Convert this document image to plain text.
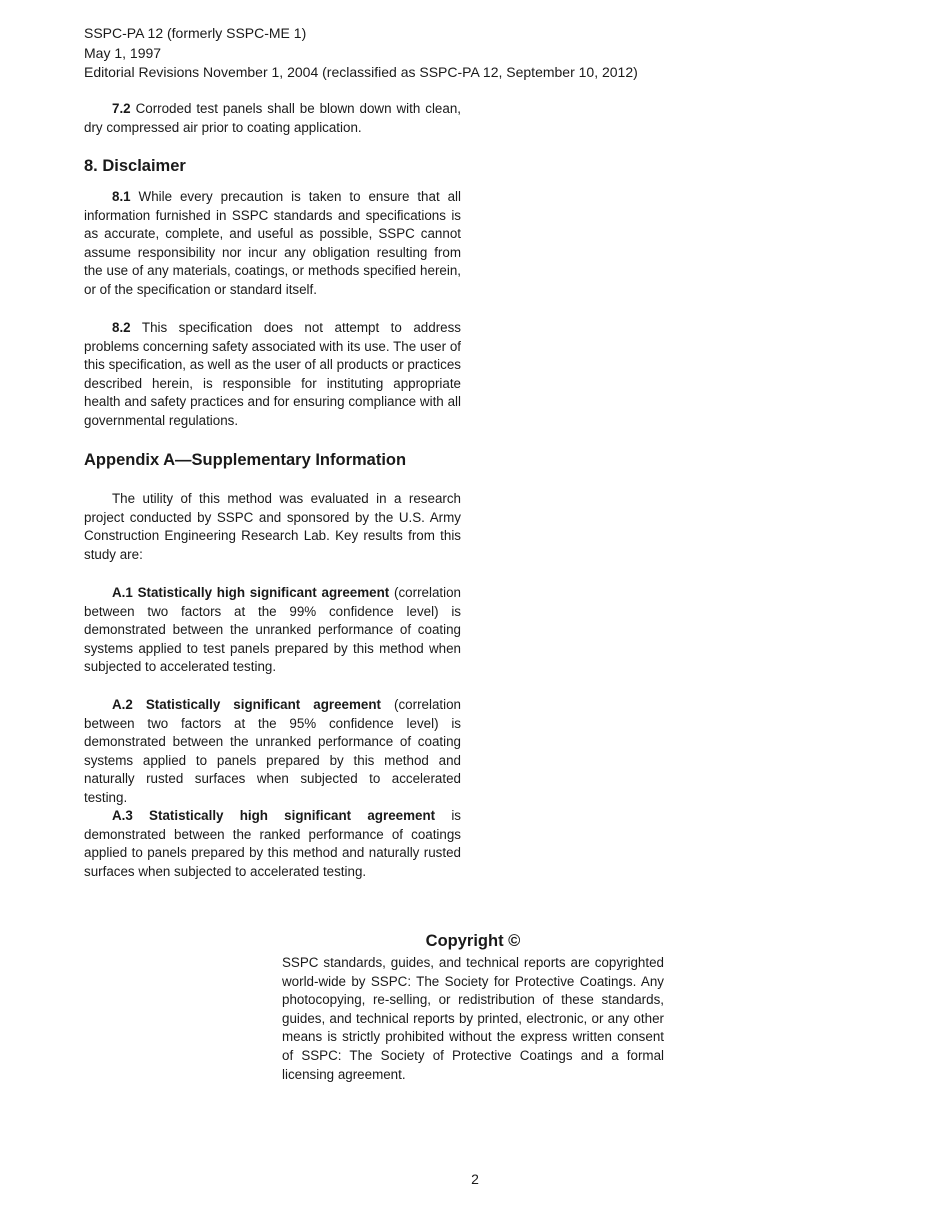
SSPC-PA 12 (formerly SSPC-ME 1)
May 1, 1997
Editorial Revisions November 1, 2004 (reclassified as SSPC-PA 12, September 10, 2012)

7.2 Corroded test panels shall be blown down with clean, dry compressed air prior to coating application.

8. Disclaimer

8.1 While every precaution is taken to ensure that all information furnished in SSPC standards and specifications is as accurate, complete, and useful as possible, SSPC cannot assume responsibility nor incur any obligation resulting from the use of any materials, coatings, or methods specified herein, or of the specification or standard itself.

8.2 This specification does not attempt to address problems concerning safety associated with its use. The user of this specification, as well as the user of all products or practices described herein, is responsible for instituting appropriate health and safety practices and for ensuring compliance with all governmental regulations.

Appendix A—Supplementary Information

The utility of this method was evaluated in a research project conducted by SSPC and sponsored by the U.S. Army Construction Engineering Research Lab. Key results from this study are:

A.1 Statistically high significant agreement (correlation between two factors at the 99% confidence level) is demonstrated between the unranked performance of coating systems applied to test panels prepared by this method when subjected to accelerated testing.

A.2 Statistically significant agreement (correlation between two factors at the 95% confidence level) is demonstrated between the unranked performance of coating systems applied to panels prepared by this method and naturally rusted surfaces when subjected to accelerated testing.

A.3 Statistically high significant agreement is demonstrated between the ranked performance of coatings applied to panels prepared by this method and naturally rusted surfaces when subjected to accelerated testing.

Copyright ©
SSPC standards, guides, and technical reports are copyrighted world-wide by SSPC: The Society for Protective Coatings. Any photocopying, re-selling, or redistribution of these standards, guides, and technical reports by printed, electronic, or any other means is strictly prohibited without the express written consent of SSPC: The Society of Protective Coatings and a formal licensing agreement.
2
